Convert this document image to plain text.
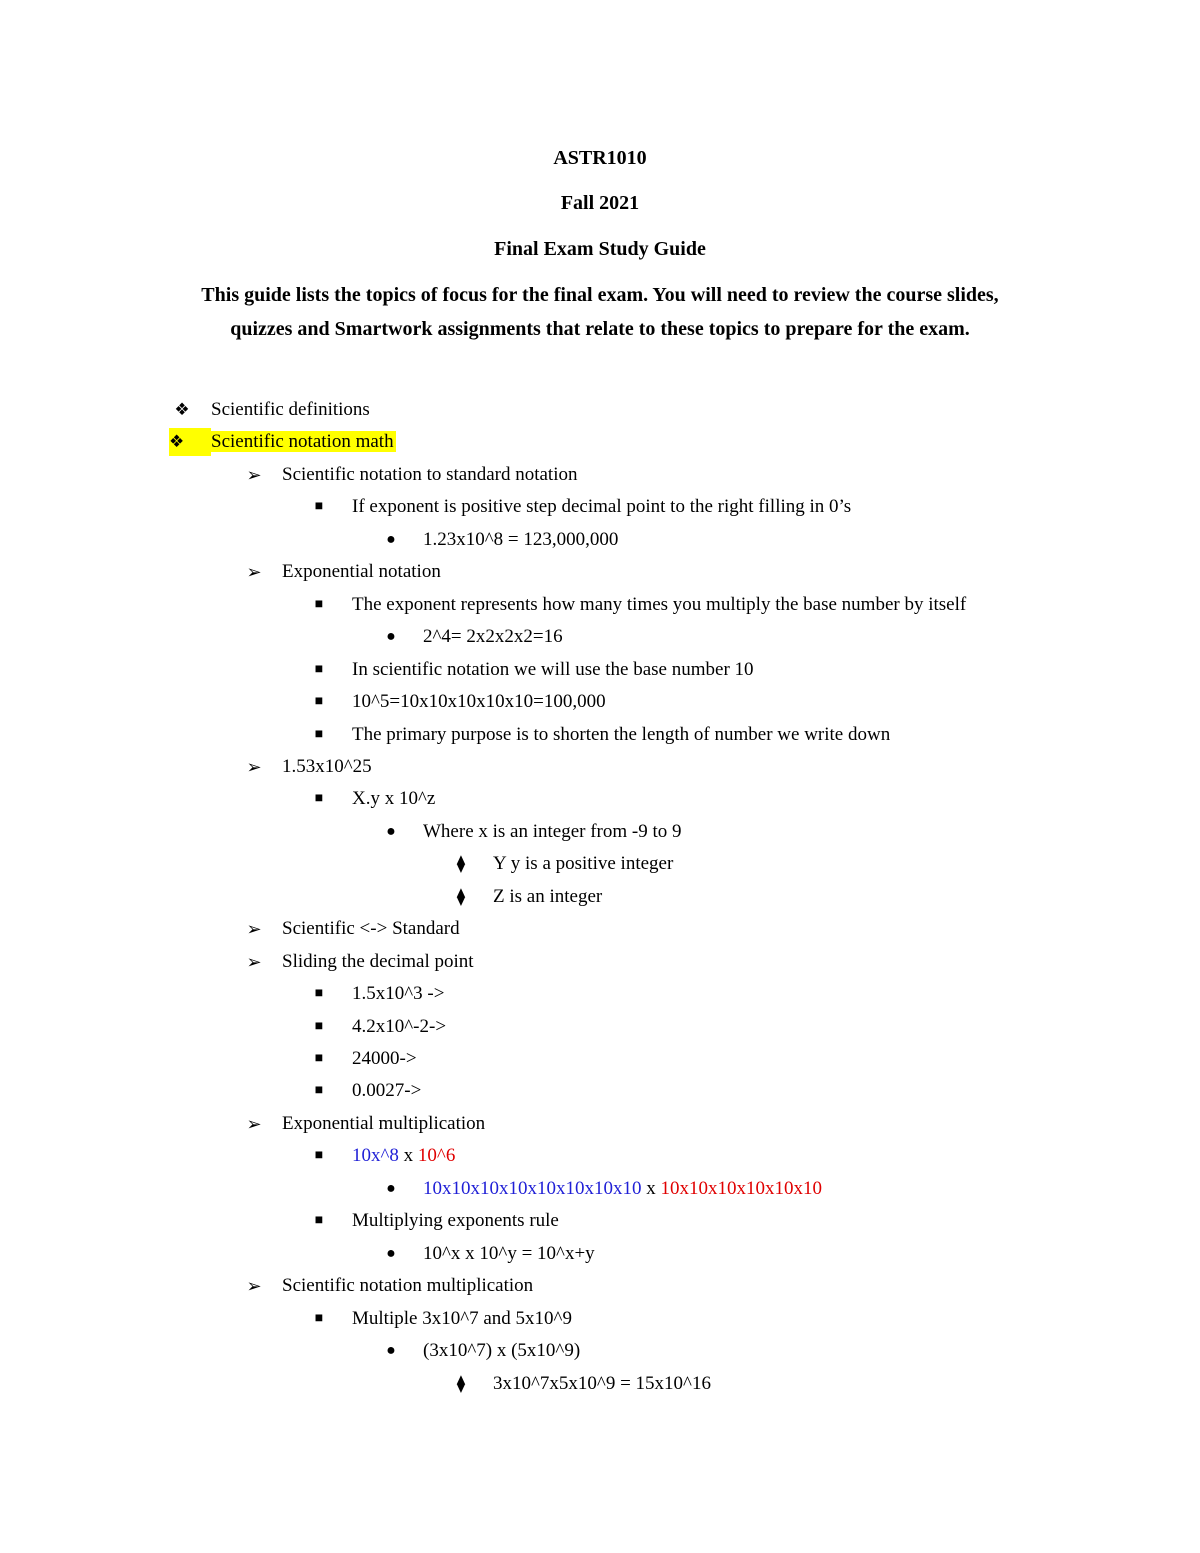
ASTR1010
Fall 2021
Final Exam Study Guide
This guide lists the topics of focus for the final exam. You will need to review the course slides,
quizzes and Smartwork assignments that relate to these topics to prepare for the exam.
❖ Scientific definitions
❖	Scientific notation math
➢ Scientific notation to standard notation
■	If exponent is positive step decimal point to the right filling in 0’s
●	1.23x10^8 = 123,000,000
➢ Exponential notation
■	The exponent represents how many times you multiply the base number by itself
●	2^4= 2x2x2x2=16
■	In scientific notation we will use the base number 10
■	10^5=10x10x10x10x10=100,000
■	The primary purpose is to shorten the length of number we write down
➢ 1.53x10^25
■	X.y x 10^z
●	Where x is an integer from -9 to 9
⧫	Y y is a positive integer
⧫	Z is an integer
➢ Scientific <-> Standard
➢ Sliding the decimal point
■	1.5x10^3 ->
■	4.2x10^-2->
■	24000->
■	0.0027->
➢ Exponential multiplication
■	10x^8 x 10^6
●	10x10x10x10x10x10x10x10 x 10x10x10x10x10x10
■	Multiplying exponents rule
●	10^x x 10^y = 10^x+y
➢ Scientific notation multiplication
■	Multiple 3x10^7 and 5x10^9
●	(3x10^7) x (5x10^9)
⧫	3x10^7x5x10^9 = 15x10^16
